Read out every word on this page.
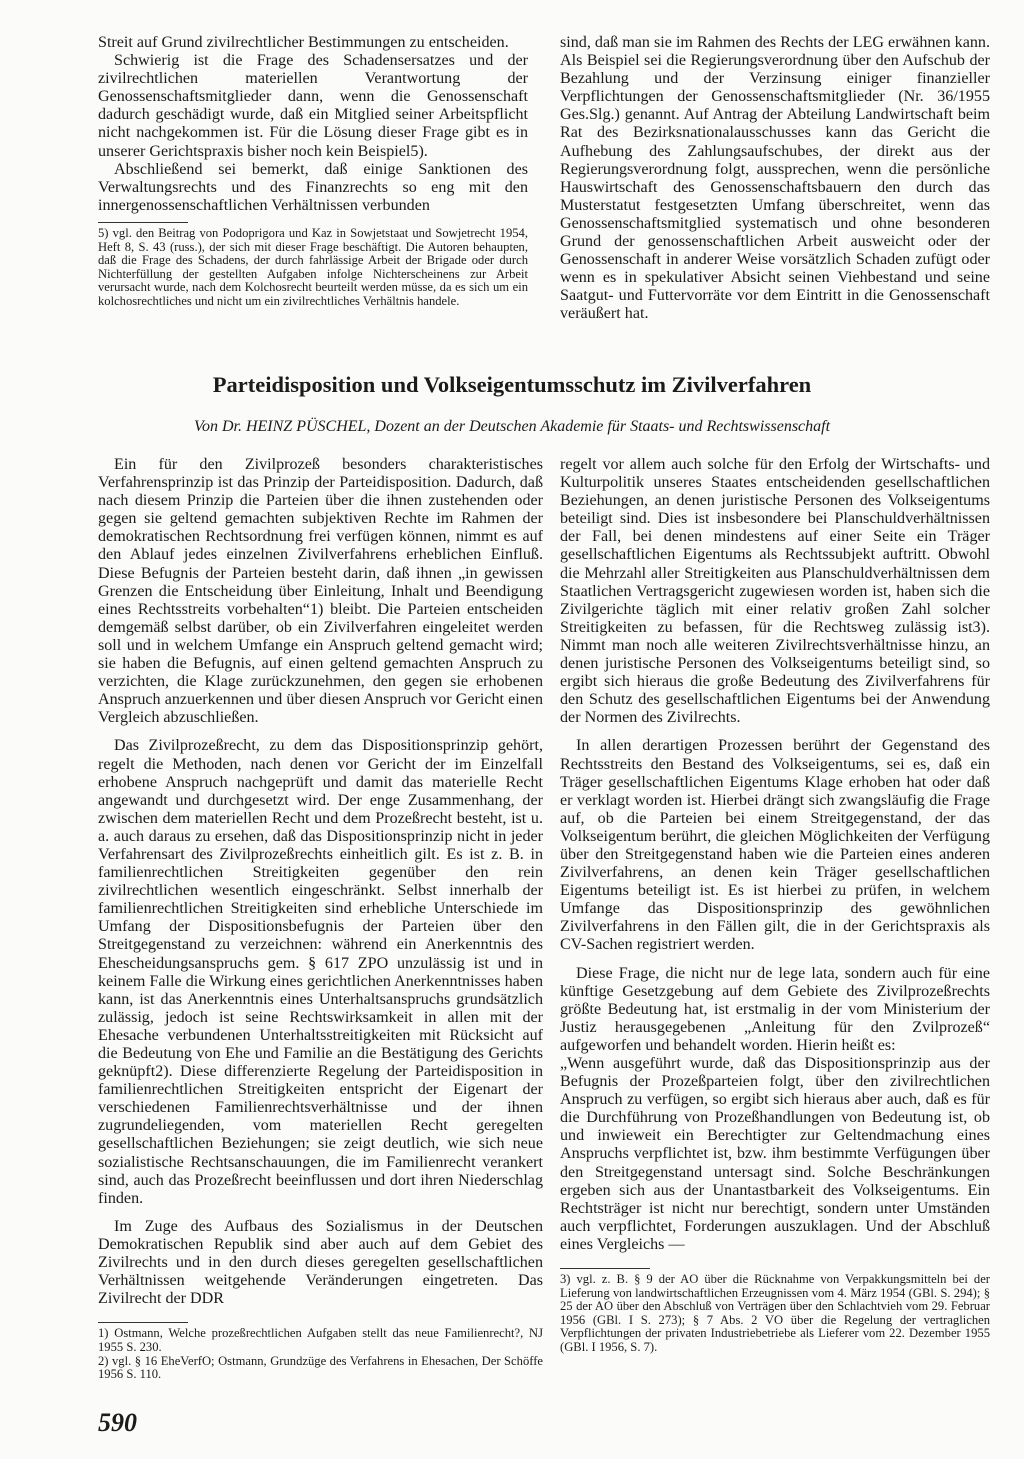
Streit auf Grund zivilrechtlicher Bestimmungen zu entscheiden.

Schwierig ist die Frage des Schadensersatzes und der zivilrechtlichen materiellen Verantwortung der Genossenschaftsmitglieder dann, wenn die Genossenschaft dadurch geschädigt wurde, daß ein Mitglied seiner Arbeitspflicht nicht nachgekommen ist. Für die Lösung dieser Frage gibt es in unserer Gerichtspraxis bisher noch kein Beispiel5).

Abschließend sei bemerkt, daß einige Sanktionen des Verwaltungsrechts und des Finanzrechts so eng mit den innergenossenschaftlichen Verhältnissen verbunden

5) vgl. den Beitrag von Podoprigora und Kaz in Sowjetstaat und Sowjetrecht 1954, Heft 8, S. 43 (russ.), der sich mit dieser Frage beschäftigt. Die Autoren behaupten, daß die Frage des Schadens, der durch fahrlässige Arbeit der Brigade oder durch Nichterfüllung der gestellten Aufgaben infolge Nichterscheinens zur Arbeit verursacht wurde, nach dem Kolchosrecht beurteilt werden müsse, da es sich um ein kolchosrechtliches und nicht um ein zivilrechtliches Verhältnis handele.

sind, daß man sie im Rahmen des Rechts der LEG erwähnen kann. Als Beispiel sei die Regierungsverordnung über den Aufschub der Bezahlung und der Verzinsung einiger finanzieller Verpflichtungen der Genossenschaftsmitglieder (Nr. 36/1955 Ges.Slg.) genannt. Auf Antrag der Abteilung Landwirtschaft beim Rat des Bezirksnationalausschusses kann das Gericht die Aufhebung des Zahlungsaufschubes, der direkt aus der Regierungsverordnung folgt, aussprechen, wenn die persönliche Hauswirtschaft des Genossenschaftsbauern den durch das Musterstatut festgesetzten Umfang überschreitet, wenn das Genossenschaftsmitglied systematisch und ohne besonderen Grund der genossenschaftlichen Arbeit ausweicht oder der Genossenschaft in anderer Weise vorsätzlich Schaden zufügt oder wenn es in spekulativer Absicht seinen Viehbestand und seine Saatgut- und Futtervorräte vor dem Eintritt in die Genossenschaft veräußert hat.

Parteidisposition und Volkseigentumsschutz im Zivilverfahren
Von Dr. HEINZ PÜSCHEL, Dozent an der Deutschen Akademie für Staats- und Rechtswissenschaft

Ein für den Zivilprozeß besonders charakteristisches Verfahrensprinzip ist das Prinzip der Parteidisposition. Dadurch, daß nach diesem Prinzip die Parteien über die ihnen zustehenden oder gegen sie geltend gemachten subjektiven Rechte im Rahmen der demokratischen Rechtsordnung frei verfügen können, nimmt es auf den Ablauf jedes einzelnen Zivilverfahrens erheblichen Einfluß. Diese Befugnis der Parteien besteht darin, daß ihnen „in gewissen Grenzen die Entscheidung über Einleitung, Inhalt und Beendigung eines Rechtsstreits vorbehalten“1) bleibt. Die Parteien entscheiden demgemäß selbst darüber, ob ein Zivilverfahren eingeleitet werden soll und in welchem Umfange ein Anspruch geltend gemacht wird; sie haben die Befugnis, auf einen geltend gemachten Anspruch zu verzichten, die Klage zurückzunehmen, den gegen sie erhobenen Anspruch anzuerkennen und über diesen Anspruch vor Gericht einen Vergleich abzuschließen.

Das Zivilprozeßrecht, zu dem das Dispositionsprinzip gehört, regelt die Methoden, nach denen vor Gericht der im Einzelfall erhobene Anspruch nachgeprüft und damit das materielle Recht angewandt und durchgesetzt wird. Der enge Zusammenhang, der zwischen dem materiellen Recht und dem Prozeßrecht besteht, ist u. a. auch daraus zu ersehen, daß das Dispositionsprinzip nicht in jeder Verfahrensart des Zivilprozeßrechts einheitlich gilt. Es ist z. B. in familienrechtlichen Streitigkeiten gegenüber den rein zivilrechtlichen wesentlich eingeschränkt. Selbst innerhalb der familienrechtlichen Streitigkeiten sind erhebliche Unterschiede im Umfang der Dispositionsbefugnis der Parteien über den Streitgegenstand zu verzeichnen: während ein Anerkenntnis des Ehescheidungsanspruchs gem. § 617 ZPO unzulässig ist und in keinem Falle die Wirkung eines gerichtlichen Anerkenntnisses haben kann, ist das Anerkenntnis eines Unterhaltsanspruchs grundsätzlich zulässig, jedoch ist seine Rechtswirksamkeit in allen mit der Ehesache verbundenen Unterhaltsstreitigkeiten mit Rücksicht auf die Bedeutung von Ehe und Familie an die Bestätigung des Gerichts geknüpft2). Diese differenzierte Regelung der Parteidisposition in familienrechtlichen Streitigkeiten entspricht der Eigenart der verschiedenen Familienrechtsverhältnisse und der ihnen zugrundeliegenden, vom materiellen Recht geregelten gesellschaftlichen Beziehungen; sie zeigt deutlich, wie sich neue sozialistische Rechtsanschauungen, die im Familienrecht verankert sind, auch das Prozeßrecht beeinflussen und dort ihren Niederschlag finden.

Im Zuge des Aufbaus des Sozialismus in der Deutschen Demokratischen Republik sind aber auch auf dem Gebiet des Zivilrechts und in den durch dieses geregelten gesellschaftlichen Verhältnissen weitgehende Veränderungen eingetreten. Das Zivilrecht der DDR

1) Ostmann, Welche prozeßrechtlichen Aufgaben stellt das neue Familienrecht?, NJ 1955 S. 230.

2) vgl. § 16 EheVerfO; Ostmann, Grundzüge des Verfahrens in Ehesachen, Der Schöffe 1956 S. 110.

regelt vor allem auch solche für den Erfolg der Wirtschafts- und Kulturpolitik unseres Staates entscheidenden gesellschaftlichen Beziehungen, an denen juristische Personen des Volkseigentums beteiligt sind. Dies ist insbesondere bei Planschuldverhältnissen der Fall, bei denen mindestens auf einer Seite ein Träger gesellschaftlichen Eigentums als Rechtssubjekt auftritt. Obwohl die Mehrzahl aller Streitigkeiten aus Planschuldverhältnissen dem Staatlichen Vertragsgericht zugewiesen worden ist, haben sich die Zivilgerichte täglich mit einer relativ großen Zahl solcher Streitigkeiten zu befassen, für die Rechtsweg zulässig ist3). Nimmt man noch alle weiteren Zivilrechtsverhältnisse hinzu, an denen juristische Personen des Volkseigentums beteiligt sind, so ergibt sich hieraus die große Bedeutung des Zivilverfahrens für den Schutz des gesellschaftlichen Eigentums bei der Anwendung der Normen des Zivilrechts.

In allen derartigen Prozessen berührt der Gegenstand des Rechtsstreits den Bestand des Volkseigentums, sei es, daß ein Träger gesellschaftlichen Eigentums Klage erhoben hat oder daß er verklagt worden ist. Hierbei drängt sich zwangsläufig die Frage auf, ob die Parteien bei einem Streitgegenstand, der das Volkseigentum berührt, die gleichen Möglichkeiten der Verfügung über den Streitgegenstand haben wie die Parteien eines anderen Zivilverfahrens, an denen kein Träger gesellschaftlichen Eigentums beteiligt ist. Es ist hierbei zu prüfen, in welchem Umfange das Dispositionsprinzip des gewöhnlichen Zivilverfahrens in den Fällen gilt, die in der Gerichtspraxis als CV-Sachen registriert werden.

Diese Frage, die nicht nur de lege lata, sondern auch für eine künftige Gesetzgebung auf dem Gebiete des Zivilprozeßrechts größte Bedeutung hat, ist erstmalig in der vom Ministerium der Justiz herausgegebenen „Anleitung für den Zvilprozeß“ aufgeworfen und behandelt worden. Hierin heißt es:

„Wenn ausgeführt wurde, daß das Dispositionsprinzip aus der Befugnis der Prozeßparteien folgt, über den zivilrechtlichen Anspruch zu verfügen, so ergibt sich hieraus aber auch, daß es für die Durchführung von Prozeßhandlungen von Bedeutung ist, ob und inwieweit ein Berechtigter zur Geltendmachung eines Anspruchs verpflichtet ist, bzw. ihm bestimmte Verfügungen über den Streitgegenstand untersagt sind. Solche Beschränkungen ergeben sich aus der Unantastbarkeit des Volkseigentums. Ein Rechtsträger ist nicht nur berechtigt, sondern unter Umständen auch verpflichtet, Forderungen auszuklagen. Und der Abschluß eines Vergleichs —

3) vgl. z. B. § 9 der AO über die Rücknahme von Verpakkungsmitteln bei der Lieferung von landwirtschaftlichen Erzeugnissen vom 4. März 1954 (GBl. S. 294); § 25 der AO über den Abschluß von Verträgen über den Schlachtvieh vom 29. Februar 1956 (GBl. I S. 273); § 7 Abs. 2 VO über die Regelung der vertraglichen Verpflichtungen der privaten Industriebetriebe als Lieferer vom 22. Dezember 1955 (GBl. I 1956, S. 7).

590
